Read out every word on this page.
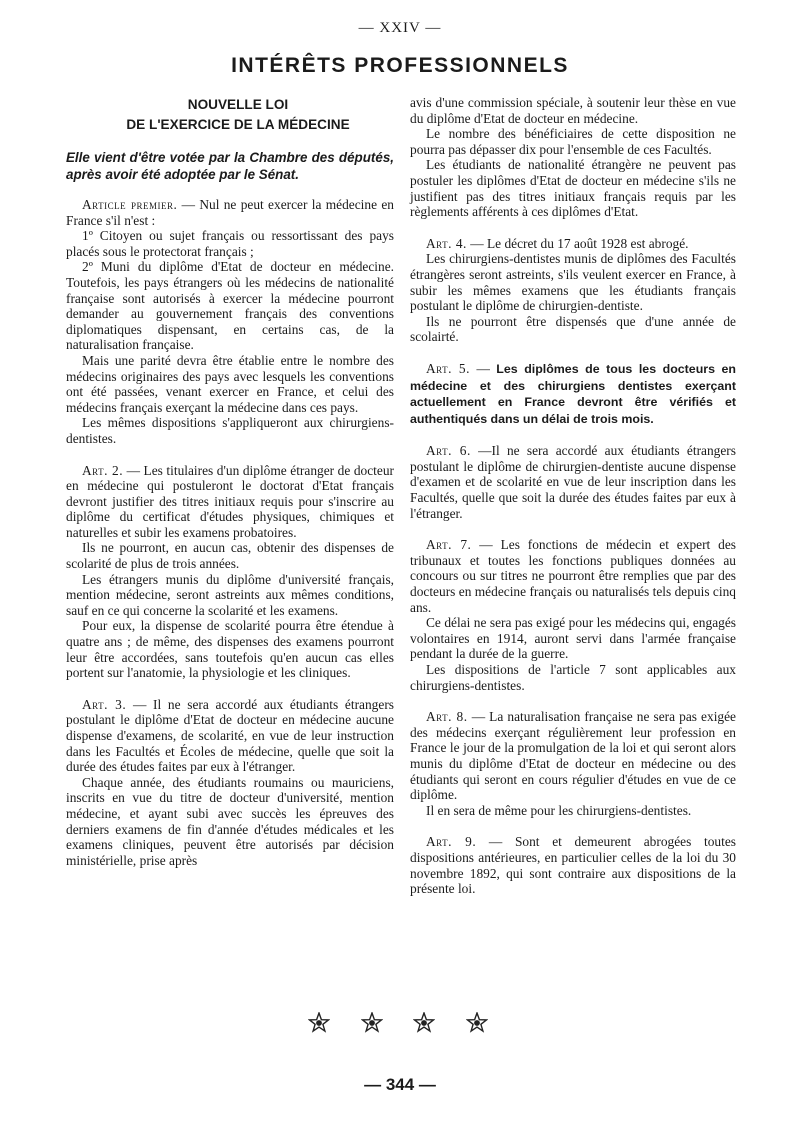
— XXIV —
INTÉRÊTS PROFESSIONNELS

NOUVELLE LOI

DE L'EXERCICE DE LA MÉDECINE

Elle vient d'être votée par la Chambre des députés, après avoir été adoptée par le Sénat.

Article premier. — Nul ne peut exercer la médecine en France s'il n'est :

1º Citoyen ou sujet français ou ressortissant des pays placés sous le protectorat français ;

2º Muni du diplôme d'Etat de docteur en médecine. Toutefois, les pays étrangers où les médecins de nationalité française sont autorisés à exercer la médecine pourront demander au gouvernement français des conventions diplomatiques dispensant, en certains cas, de la naturalisation française.

Mais une parité devra être établie entre le nombre des médecins originaires des pays avec lesquels les conventions ont été passées, venant exercer en France, et celui des médecins français exerçant la médecine dans ces pays.

Les mêmes dispositions s'appliqueront aux chirurgiens-dentistes.

Art. 2. — Les titulaires d'un diplôme étranger de docteur en médecine qui postuleront le doctorat d'Etat français devront justifier des titres initiaux requis pour s'inscrire au diplôme du certificat d'études physiques, chimiques et naturelles et subir les examens probatoires.

Ils ne pourront, en aucun cas, obtenir des dispenses de scolarité de plus de trois années.

Les étrangers munis du diplôme d'université français, mention médecine, seront astreints aux mêmes conditions, sauf en ce qui concerne la scolarité et les examens.

Pour eux, la dispense de scolarité pourra être étendue à quatre ans ; de même, des dispenses des examens pourront leur être accordées, sans toutefois qu'en aucun cas elles portent sur l'anatomie, la physiologie et les cliniques.

Art. 3. — Il ne sera accordé aux étudiants étrangers postulant le diplôme d'Etat de docteur en médecine aucune dispense d'examens, de scolarité, en vue de leur instruction dans les Facultés et Écoles de médecine, quelle que soit la durée des études faites par eux à l'étranger.

Chaque année, des étudiants roumains ou mauriciens, inscrits en vue du titre de docteur d'université, mention médecine, et ayant subi avec succès les épreuves des derniers examens de fin d'année d'études médicales et les examens cliniques, peuvent être autorisés par décision ministérielle, prise après

avis d'une commission spéciale, à soutenir leur thèse en vue du diplôme d'Etat de docteur en médecine.

Le nombre des bénéficiaires de cette disposition ne pourra pas dépasser dix pour l'ensemble de ces Facultés.

Les étudiants de nationalité étrangère ne peuvent pas postuler les diplômes d'Etat de docteur en médecine s'ils ne justifient pas des titres initiaux français requis par les règlements afférents à ces diplômes d'Etat.

Art. 4. — Le décret du 17 août 1928 est abrogé.

Les chirurgiens-dentistes munis de diplômes des Facultés étrangères seront astreints, s'ils veulent exercer en France, à subir les mêmes examens que les étudiants français postulant le diplôme de chirurgien-dentiste.

Ils ne pourront être dispensés que d'une année de scolairté.

Art. 5. — Les diplômes de tous les docteurs en médecine et des chirurgiens dentistes exerçant actuellement en France devront être vérifiés et authentiqués dans un délai de trois mois.

Art. 6. —Il ne sera accordé aux étudiants étrangers postulant le diplôme de chirurgien-dentiste aucune dispense d'examen et de scolarité en vue de leur inscription dans les Facultés, quelle que soit la durée des études faites par eux à l'étranger.

Art. 7. — Les fonctions de médecin et expert des tribunaux et toutes les fonctions publiques données au concours ou sur titres ne pourront être remplies que par des docteurs en médecine français ou naturalisés tels depuis cinq ans.

Ce délai ne sera pas exigé pour les médecins qui, engagés volontaires en 1914, auront servi dans l'armée française pendant la durée de la guerre.

Les dispositions de l'article 7 sont applicables aux chirurgiens-dentistes.

Art. 8. — La naturalisation française ne sera pas exigée des médecins exerçant régulièrement leur profession en France le jour de la promulgation de la loi et qui seront alors munis du diplôme d'Etat de docteur en médecine ou des étudiants qui seront en cours régulier d'études en vue de ce diplôme.

Il en sera de même pour les chirurgiens-dentistes.

Art. 9. — Sont et demeurent abrogées toutes dispositions antérieures, en particulier celles de la loi du 30 novembre 1892, qui sont contraire aux dispositions de la présente loi.

— 344 —
